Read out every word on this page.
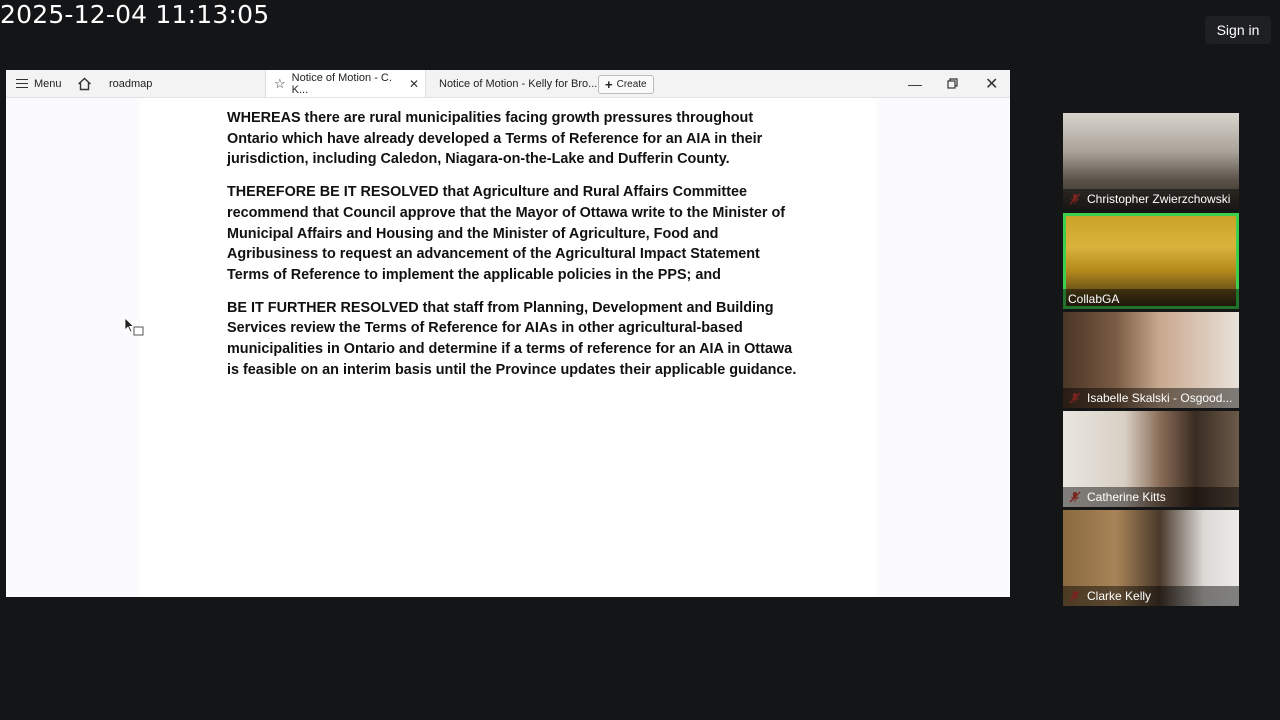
2025-12-04 11:13:05
Sign in
Menu	roadmap	☆ Notice of Motion - C. K...	✕ Notice of Motion - Kelly for Bro... + Create	—	✕

WHEREAS there are rural municipalities facing growth pressures throughout Ontario which have already developed a Terms of Reference for an AIA in their jurisdiction, including Caledon, Niagara-on-the-Lake and Dufferin County.

THEREFORE BE IT RESOLVED that Agriculture and Rural Affairs Committee recommend that Council approve that the Mayor of Ottawa write to the Minister of Municipal Affairs and Housing and the Minister of Agriculture, Food and Agribusiness to request an advancement of the Agricultural Impact Statement Terms of Reference to implement the applicable policies in the PPS; and

BE IT FURTHER RESOLVED that staff from Planning, Development and Building Services review the Terms of Reference for AIAs in other agricultural-based municipalities in Ontario and determine if a terms of reference for an AIA in Ottawa is feasible on an interim basis until the Province updates their applicable guidance.

Christopher Zwierzchowski
CollabGA
Isabelle Skalski - Osgood...
Catherine Kitts
Clarke Kelly
